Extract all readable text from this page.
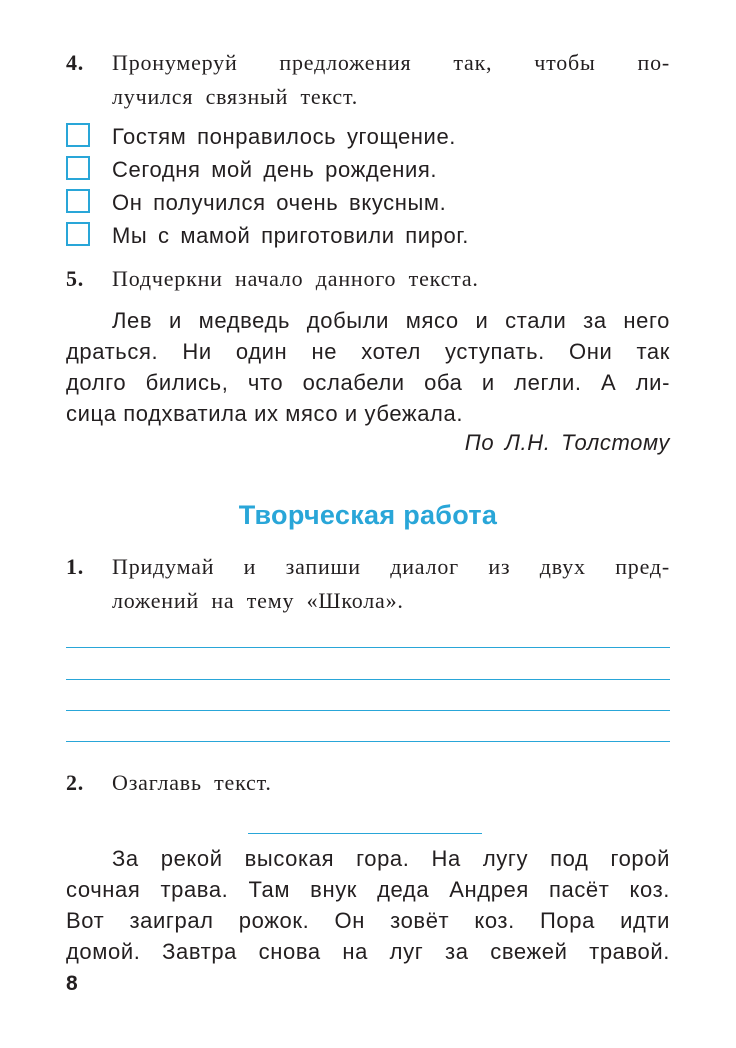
4. Пронумеруй предложения так, чтобы по-
лучился связный текст.
Гостям понравилось угощение.
Сегодня мой день рождения.
Он получился очень вкусным.
Мы с мамой приготовили пирог.
5. Подчеркни начало данного текста.
Лев и медведь добыли мясо и стали за него
драться. Ни один не хотел уступать. Они так
долго бились, что ослабели оба и легли. А ли-
сица подхватила их мясо и убежала.
По Л.Н. Толстому
Творческая работа
1. Придумай и запиши диалог из двух пред-
ложений на тему «Школа».
2. Озаглавь текст.
За рекой высокая гора. На лугу под горой
сочная трава. Там внук деда Андрея пасёт коз.
Вот заиграл рожок. Он зовёт коз. Пора идти
домой. Завтра снова на луг за свежей травой.
8
